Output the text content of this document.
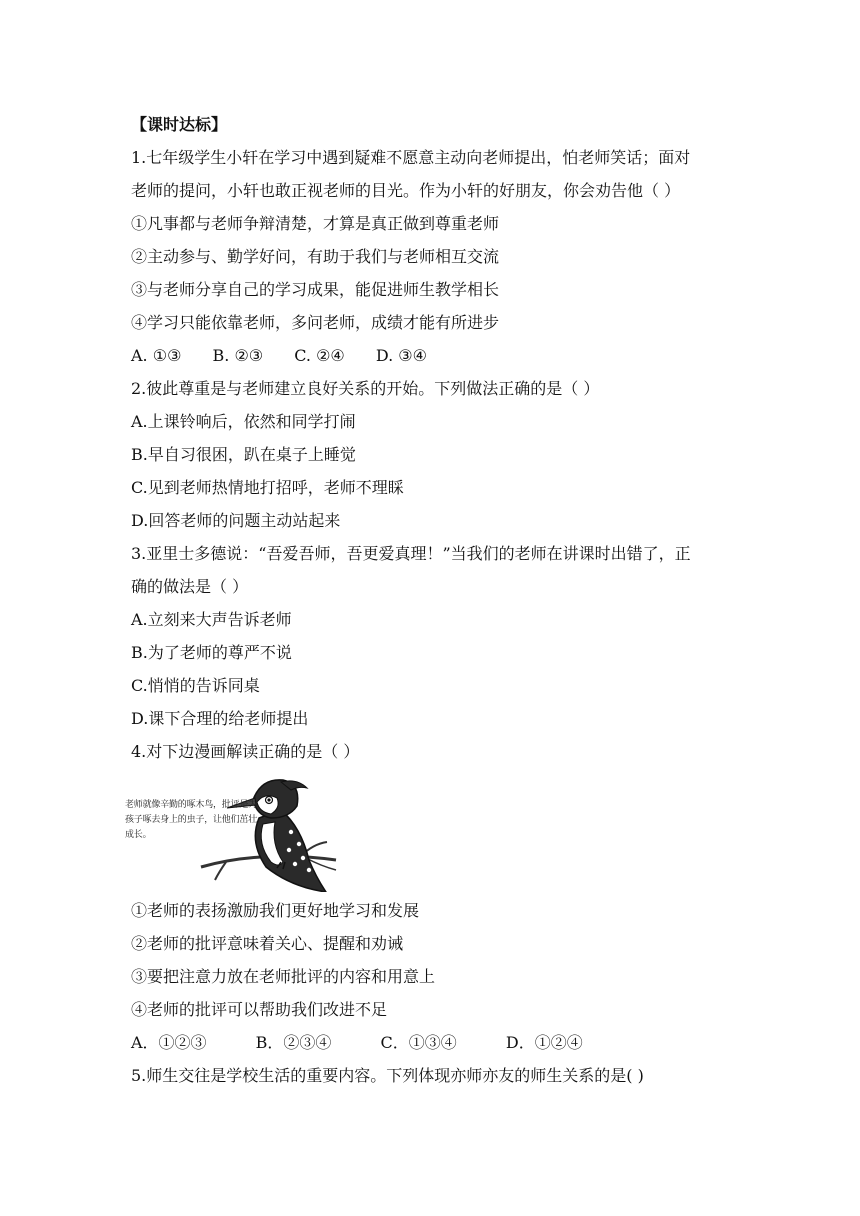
【课时达标】
1.七年级学生小轩在学习中遇到疑难不愿意主动向老师提出，怕老师笑话；面对
老师的提问，小轩也敢正视老师的目光。作为小轩的好朋友，你会劝告他（ ）
①凡事都与老师争辩清楚，才算是真正做到尊重老师
②主动参与、勤学好问，有助于我们与老师相互交流
③与老师分享自己的学习成果，能促进师生教学相长
④学习只能依靠老师，多问老师，成绩才能有所进步
A. ①③ B. ②③ C. ②④ D. ③④
2.彼此尊重是与老师建立良好关系的开始。下列做法正确的是（ ）
A.上课铃响后，依然和同学打闹
B.早自习很困，趴在桌子上睡觉
C.见到老师热情地打招呼，老师不理睬
D.回答老师的问题主动站起来
3.亚里士多德说：“吾爱吾师，吾更爱真理！”当我们的老师在讲课时出错了，正
确的做法是（ ）
A.立刻来大声告诉老师
B.为了老师的尊严不说
C.悄悄的告诉同桌
D.课下合理的给老师提出
4.对下边漫画解读正确的是（ ）
老师就像辛勤的啄木鸟，批评是为孩子啄去身上的虫子，让他们茁壮成长。
①老师的表扬激励我们更好地学习和发展
②老师的批评意味着关心、提醒和劝诫
③要把注意力放在老师批评的内容和用意上
④老师的批评可以帮助我们改进不足
A．①②③	B．②③④	C．①③④	D．①②④
5.师生交往是学校生活的重要内容。下列体现亦师亦友的师生关系的是( )
